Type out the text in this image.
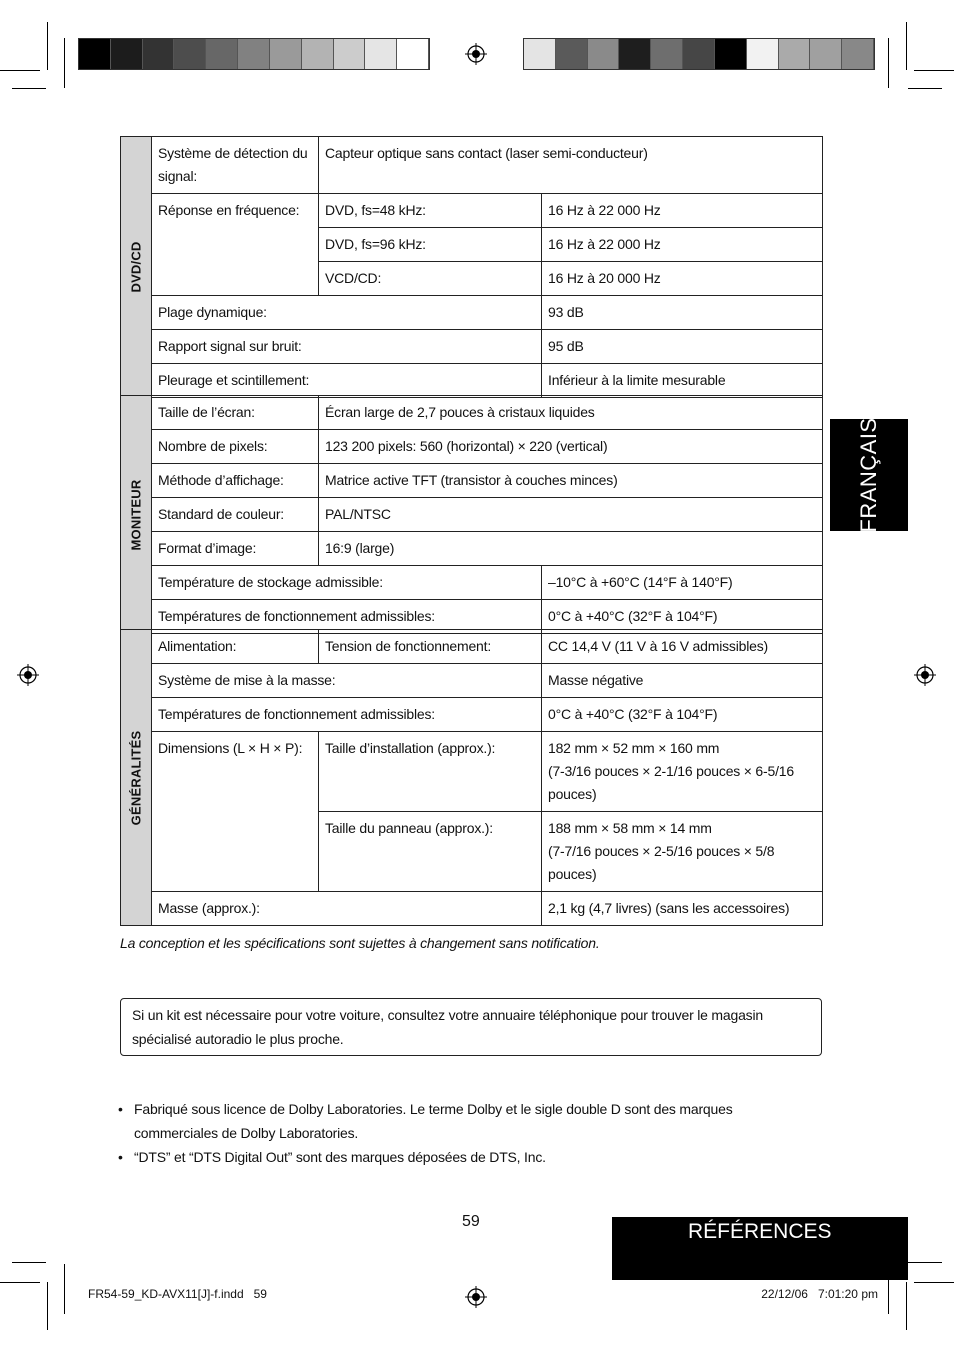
DVD/CD	Système de détection du signal:	Capteur optique sans contact (laser semi-conducteur)	
	Réponse en fréquence:	DVD, fs=48 kHz:	16 Hz à 22 000 Hz
		DVD, fs=96 kHz:	16 Hz à 22 000 Hz
		VCD/CD:	16 Hz à 20 000 Hz
	Plage dynamique:		93 dB
	Rapport signal sur bruit:		95 dB
	Pleurage et scintillement:		Inférieur à la limite mesurable
MONITEUR	Taille de l’écran:	Écran large de 2,7 pouces à cristaux liquides	
	Nombre de pixels:	123 200 pixels: 560 (horizontal) × 220 (vertical)	
	Méthode d’affichage:	Matrice active TFT (transistor à couches minces)	
	Standard de couleur:	PAL/NTSC	
	Format d’image:	16:9 (large)	
	Température de stockage admissible:		–10°C à +60°C (14°F à 140°F)
	Températures de fonctionnement admissibles:		0°C à +40°C (32°F à 104°F)
GÉNÉRALITÉS	Alimentation:	Tension de fonctionnement:	CC 14,4 V (11 V à 16 V admissibles)
	Système de mise à la masse:		Masse négative
	Températures de fonctionnement admissibles:		0°C à +40°C (32°F à 104°F)
	Dimensions (L × H × P):	Taille d’installation (approx.):	182 mm × 52 mm × 160 mm
(7-3/16 pouces × 2-1/16 pouces × 6-5/16 pouces)

		Taille du panneau (approx.):	188 mm × 58 mm × 14 mm
(7-7/16 pouces × 2-5/16 pouces × 5/8 pouces)

	Masse (approx.):		2,1 kg (4,7 livres) (sans les accessoires)
La conception et les spécifications sont sujettes à changement sans notification.
Si un kit est nécessaire pour votre voiture, consultez votre annuaire téléphonique pour trouver le magasin spécialisé autoradio le plus proche.
• Fabriqué sous licence de Dolby Laboratories. Le terme Dolby et le sigle double D sont des marques commerciales de Dolby Laboratories.
• “DTS” et “DTS Digital Out” sont des marques déposées de DTS, Inc.
FRANÇAIS
59	RÉFÉRENCES
FR54-59_KD-AVX11[J]-f.indd   59	22/12/06   7:01:20 pm
